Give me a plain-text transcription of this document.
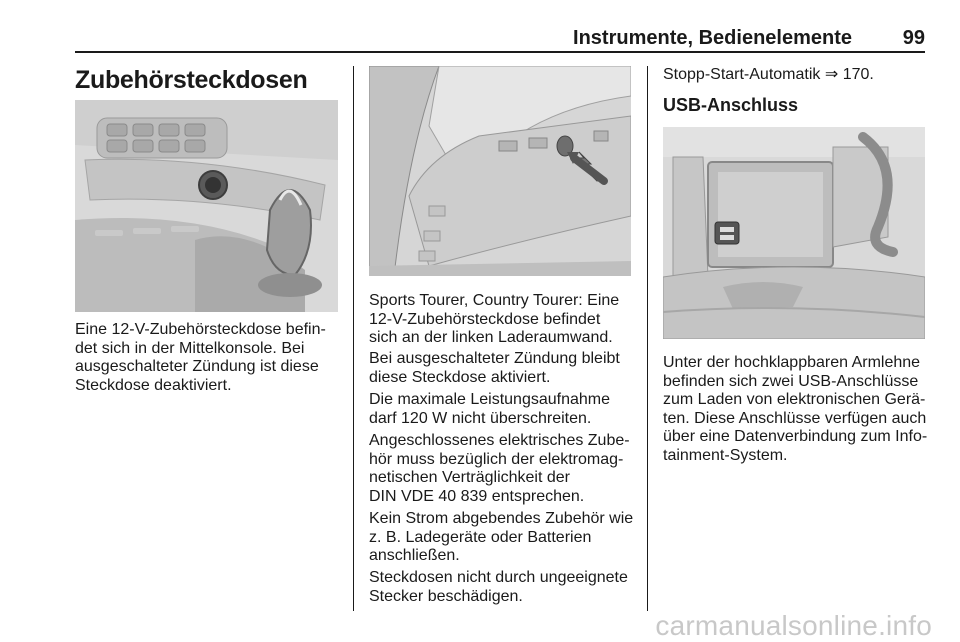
Instrumente, Bedienelemente	99
Zubehörsteckdosen
Eine 12-V-Zubehörsteckdose befin-
det sich in der Mittelkonsole. Bei
ausgeschalteter Zündung ist diese
Steckdose deaktiviert.
Sports Tourer, Country Tourer: Eine
12-V-Zubehörsteckdose befindet
sich an der linken Laderaumwand.
Bei ausgeschalteter Zündung bleibt
diese Steckdose aktiviert.
Die maximale Leistungsaufnahme
darf 120 W nicht überschreiten.
Angeschlossenes elektrisches Zube-
hör muss bezüglich der elektromag-
netischen Verträglichkeit der
DIN VDE 40 839 entsprechen.
Kein Strom abgebendes Zubehör wie
z. B. Ladegeräte oder Batterien
anschließen.
Steckdosen nicht durch ungeeignete
Stecker beschädigen.
Stopp-Start-Automatik ⇒ 170.
USB-Anschluss
Unter der hochklappbaren Armlehne
befinden sich zwei USB-Anschlüsse
zum Laden von elektronischen Gerä-
ten. Diese Anschlüsse verfügen auch
über eine Datenverbindung zum Info-
tainment-System.
carmanualsonline.info
